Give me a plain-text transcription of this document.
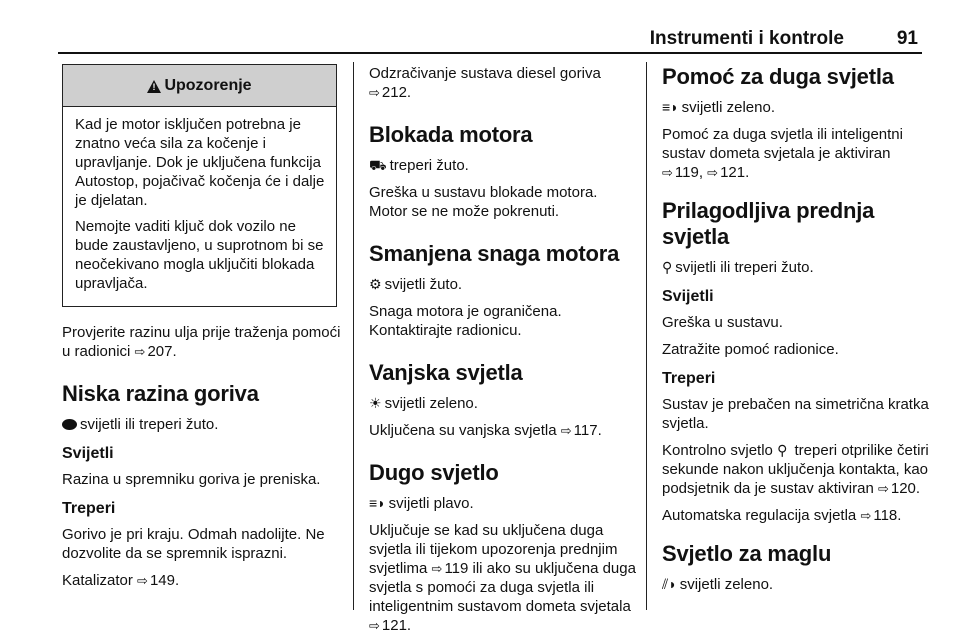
Instrumenti i kontrole	91
!
Upozorenje

Kad je motor isključen potrebna je znatno veća sila za kočenje i upravljanje. Dok je uključena funkcija Autostop, pojačivač kočenja će i dalje je djelatan.

Nemojte vaditi ključ dok vozilo ne bude zaustavljeno, u suprotnom bi se neočekivano mogla uključiti blokada upravljača.

Provjerite razinu ulja prije traženja pomoći u radionici ⇨ 207.

Niska razina goriva

svijetli ili treperi žuto.

Svijetli

Razina u spremniku goriva je preniska.

Treperi

Gorivo je pri kraju. Odmah nadolijte. Ne dozvolite da se spremnik isprazni.

Katalizator ⇨ 149.

Odzračivanje sustava diesel goriva ⇨ 212.

Blokada motora

⛟ treperi žuto.

Greška u sustavu blokade motora. Motor se ne može pokrenuti.

Smanjena snaga motora

⚙ svijetli žuto.

Snaga motora je ograničena. Kontaktirajte radionicu.

Vanjska svjetla

☀ svijetli zeleno.

Uključena su vanjska svjetla ⇨ 117.

Dugo svjetlo

≡◗ svijetli plavo.

Uključuje se kad su uključena duga svjetla ili tijekom upozorenja prednjim svjetlima ⇨ 119 ili ako su uključena duga svjetla s pomoći za duga svjetla ili inteligentnim sustavom dometa svjetala ⇨ 121.

Pomoć za duga svjetla

≡◗ svijetli zeleno.

Pomoć za duga svjetla ili inteligentni sustav dometa svjetala je aktiviran ⇨ 119, ⇨ 121.

Prilagodljiva prednja svjetla

⚲ svijetli ili treperi žuto.

Svijetli

Greška u sustavu.

Zatražite pomoć radionice.

Treperi

Sustav je prebačen na simetrična kratka svjetla.

Kontrolno svjetlo ⚲ treperi otprilike četiri sekunde nakon uključenja kontakta, kao podsjetnik da je sustav aktiviran ⇨ 120.

Automatska regulacija svjetla ⇨ 118.

Svjetlo za maglu

⫽◗ svijetli zeleno.
